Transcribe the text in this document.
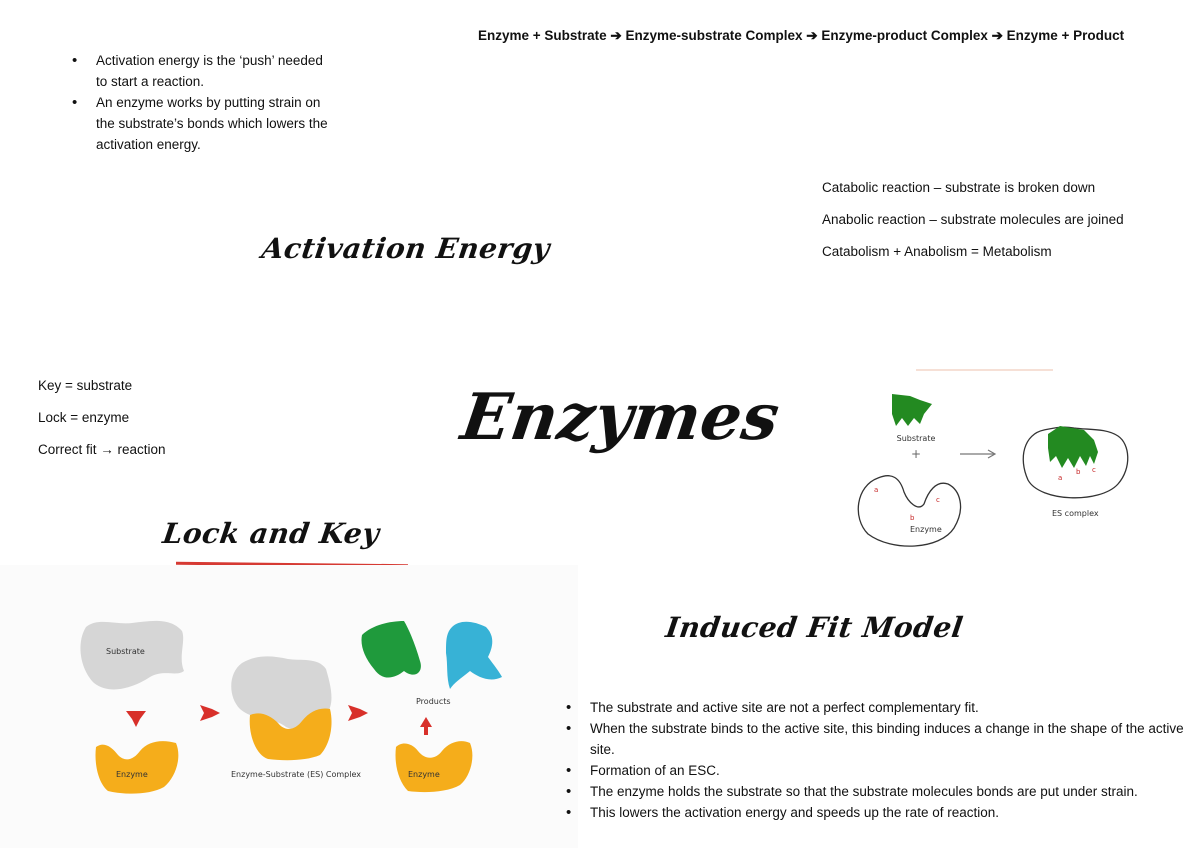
Enzyme + Substrate ➔ Enzyme-substrate Complex ➔ Enzyme-product Complex ➔ Enzyme + Product
• Activation energy is the ‘push’ needed to start a reaction.
• An enzyme works by putting strain on the substrate’s bonds which lowers the activation energy.
Activation Energy
Catabolic reaction – substrate is broken down
Anabolic reaction – substrate molecules are joined
Catabolism + Anabolism = Metabolism
Key = substrate
Lock = enzyme
Correct fit → reaction	Enzymes	Substrate
+
a
b
c
Enzyme
a
b c
ES complex
Lock and Key
Substrate
Enzyme	Enzyme-Substrate (ES) Complex
Products
Enzyme
Induced Fit Model
• The substrate and active site are not a perfect complementary fit.
• When the substrate binds to the active site, this binding induces a change in the shape of the active site.
• Formation of an ESC.
• The enzyme holds the substrate so that the substrate molecules bonds are put under strain.
• This lowers the activation energy and speeds up the rate of reaction.
